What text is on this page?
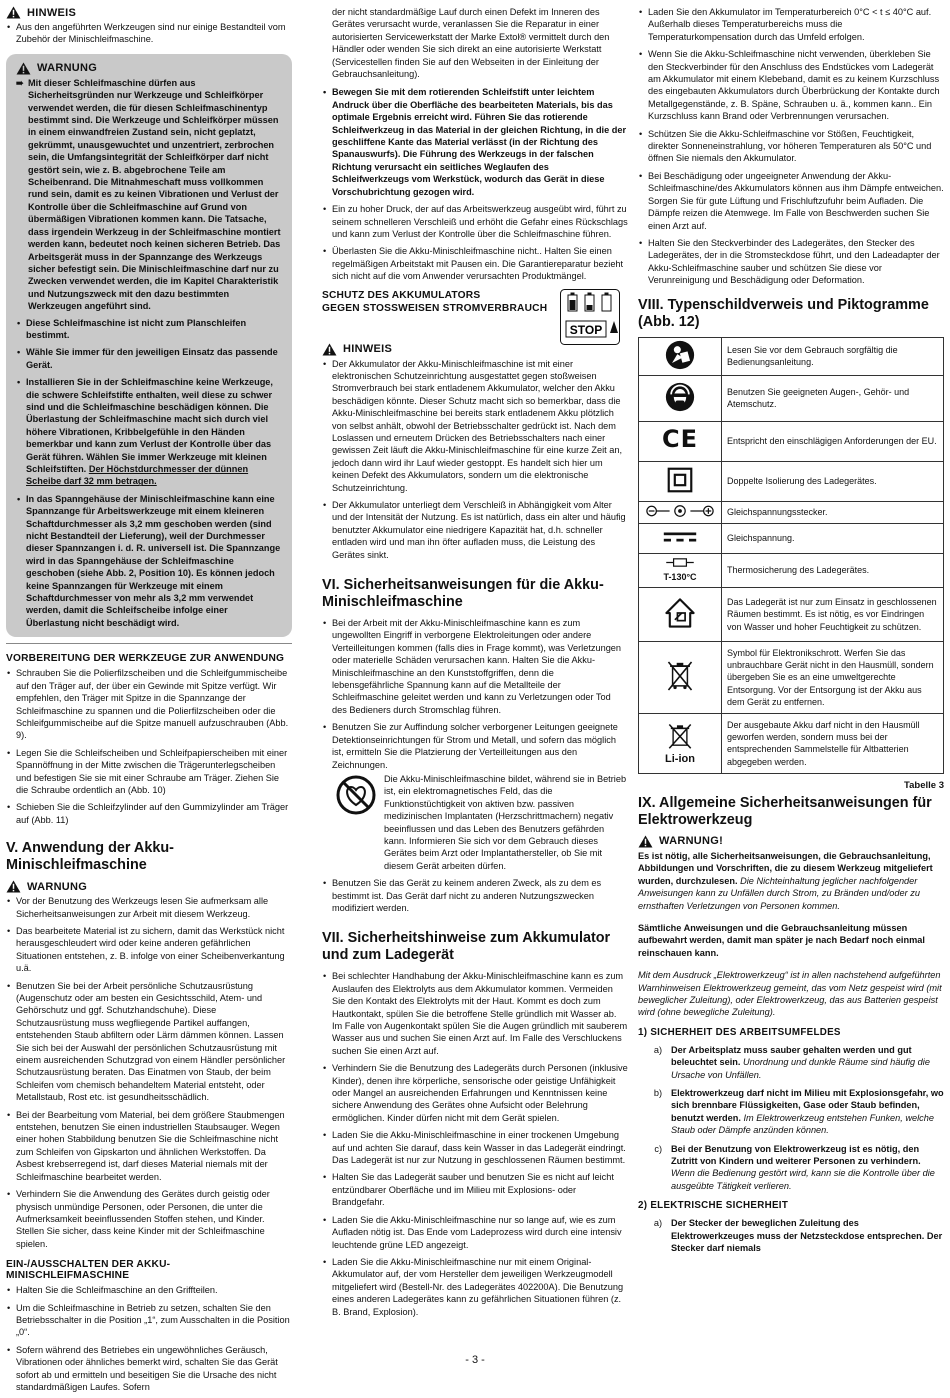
HINWEIS
• Aus den angeführten Werkzeugen sind nur einige Bestandteil vom Zubehör der Minischleifmaschine.
WARNUNG
➠ Mit dieser Schleifmaschine dürfen aus Sicherheitsgründen nur Werkzeuge und Schleifkörper verwendet werden, die für diesen Schleifmaschinentyp bestimmt sind. Die Werkzeuge und Schleifkörper müssen in einem einwandfreien Zustand sein, nicht geplatzt, gekrümmt, unausgewuchtet und unzentriert, zerbrochen sein, die Umfangsintegrität der Schleifkörper darf nicht gestört sein, wie z. B. abgebrochene Teile am Scheibenrand. Die Mitnahmeschaft muss vollkommen rund sein, damit es zu keinen Vibrationen und Verlust der Kontrolle über die Schleifmaschine auf Grund von übermäßigen Vibrationen kommen kann. Die Tatsache, dass irgendein Werkzeug in der Schleifmaschine montiert werden kann, bedeutet noch keinen sicheren Betrieb. Das Arbeitsgerät muss in der Spannzange des Werkzeugs sicher befestigt sein. Die Minischleifmaschine darf nur zu Zwecken verwendet werden, die im Kapitel Charakteristik und Nutzungszweck mit den dazu bestimmten Werkzeugen angeführt sind.
• Diese Schleifmaschine ist nicht zum Planschleifen bestimmt.
• Wähle Sie immer für den jeweiligen Einsatz das passende Gerät.
• Installieren Sie in der Schleifmaschine keine Werkzeuge, die schwere Schleifstifte enthalten, weil diese zu schwer sind und die Schleifmaschine beschädigen können. Die Überlastung der Schleifmaschine macht sich durch viel höhere Vibrationen, Kribbelgefühle in den Händen bemerkbar und kann zum Verlust der Kontrolle über das Gerät führen. Wählen Sie immer Werkzeuge mit kleinen Schleifstiften. Der Höchstdurchmesser der dünnen Scheibe darf 32 mm betragen.
• In das Spanngehäuse der Minischleifmaschine kann eine Spannzange für Arbeitswerkzeuge mit einem kleineren Schaftdurchmesser als 3,2 mm geschoben werden (sind nicht Bestandteil der Lieferung), weil der Durchmesser dieser Spannzangen i. d. R. universell ist. Die Spannzange wird in das Spanngehäuse der Schleifmaschine geschoben (siehe Abb. 2, Position 10). Es können jedoch keine Spannzangen für Werkzeuge mit einem Schaftdurchmesser von mehr als 3,2 mm verwendet werden, damit die Schleifscheibe infolge einer Überlastung nicht beschädigt wird.
VORBEREITUNG DER WERKZEUGE ZUR ANWENDUNG
• Schrauben Sie die Polierfilzscheiben und die Schleifgummischeibe auf den Träger auf, der über ein Gewinde mit Spitze verfügt. Wir empfehlen, den Träger mit Spitze in die Spannzange der Schleifmaschine zu spannen und die Polierfilzscheiben oder die Schleifgummischeibe auf die Spitze manuell aufzuschrauben (Abb. 9).
• Legen Sie die Schleifscheiben und Schleifpapierscheiben mit einer Spannöffnung in der Mitte zwischen die Trägerunterlegscheiben und befestigen Sie sie mit einer Schraube am Träger. Ziehen Sie die Schraube ordentlich an (Abb. 10)
• Schieben Sie die Schleifzylinder auf den Gummizylinder am Träger auf (Abb. 11)
V. Anwendung der Akku-Minischleifmaschine
WARNUNG
• Vor der Benutzung des Werkzeugs lesen Sie aufmerksam alle Sicherheitsanweisungen zur Arbeit mit diesem Werkzeug.
• Das bearbeitete Material ist zu sichern, damit das Werkstück nicht herausgeschleudert wird oder keine anderen gefährlichen Situationen entstehen, z. B. infolge von einer Scheibenverkantung u.ä.
• Benutzen Sie bei der Arbeit persönliche Schutzausrüstung (Augenschutz oder am besten ein Gesichtsschild, Atem- und Gehörschutz und ggf. Schutzhandschuhe). Diese Schutzausrüstung muss wegfliegende Partikel auffangen, entstehenden Staub abfiltern oder Lärm dämmen können. Lassen Sie sich bei der Auswahl der persönlichen Schutzausrüstung mit einem ausreichenden Schutzgrad von einem Händler persönlicher Schutzausrüstung beraten. Das Einatmen von Staub, der beim Schleifen vom chemisch behandeltem Material entsteht, oder Metallstaub, Rost etc. ist gesundheitsschädlich.
• Bei der Bearbeitung vom Material, bei dem größere Staubmengen entstehen, benutzen Sie einen industriellen Staubsauger. Wegen einer hohen Stabbildung benutzen Sie die Schleifmaschine nicht zum Schleifen von Gipskarton und ähnlichen Werkstoffen. Da Asbest krebserregend ist, darf dieses Material niemals mit der Schleifmaschine bearbeitet werden.
• Verhindern Sie die Anwendung des Gerätes durch geistig oder physisch unmündige Personen, oder Personen, die unter die Aufmerksamkeit beeinflussenden Stoffen stehen, und Kinder. Stellen Sie sicher, dass keine Kinder mit der Schleifmaschine spielen.
EIN-/AUSSCHALTEN DER AKKU-MINISCHLEIFMASCHINE
• Halten Sie die Schleifmaschine an den Griffteilen.
• Um die Schleifmaschine in Betrieb zu setzen, schalten Sie den Betriebsschalter in die Position „1“, zum Ausschalten in die Position „0“.
• Sofern während des Betriebes ein ungewöhnliches Geräusch, Vibrationen oder ähnliches bemerkt wird, schalten Sie das Gerät sofort ab und ermitteln und beseitigen Sie die Ursache des nicht standardmäßigen Laufes. Sofern

der nicht standardmäßige Lauf durch einen Defekt im Inneren des Gerätes verursacht wurde, veranlassen Sie die Reparatur in einer autorisierten Servicewerkstatt der Marke Extol® vermittelt durch den Händler oder wenden Sie sich direkt an eine autorisierte Werkstatt (Servicestellen finden Sie auf den Webseiten in der Einleitung der Gebrauchsanleitung).

• Bewegen Sie mit dem rotierenden Schleifstift unter leichtem Andruck über die Oberfläche des bearbeiteten Materials, bis das optimale Ergebnis erreicht wird. Führen Sie das rotierende Schleifwerkzeug in das Material in der gleichen Richtung, in die der geschliffene Kante das Material verlässt (in der Richtung des Spanauswurfs). Die Führung des Werkzeugs in der falschen Richtung verursacht ein seitliches Weglaufen des Schleifwerkzeugs vom Werkstück, wodurch das Gerät in diese Vorschubrichtung gezogen wird.
• Ein zu hoher Druck, der auf das Arbeitswerkzeug ausgeübt wird, führt zu seinem schnelleren Verschleiß und erhöht die Gefahr eines Rückschlags und kann zum Verlust der Kontrolle über die Schleifmaschine führen.
• Überlasten Sie die Akku-Minischleifmaschine nicht.. Halten Sie einen regelmäßigen Arbeitstakt mit Pausen ein. Die Garantiereparatur bezieht sich nicht auf die vom Anwender verursachten Produktmängel.
SCHUTZ DES AKKUMULATORS
GEGEN STOSSWEISEN STROMVERBRAUCH
STOP
HINWEIS
• Der Akkumulator der Akku-Minischleifmaschine ist mit einer elektronischen Schutzeinrichtung ausgestattet gegen stoßweisen Stromverbrauch bei stark entladenem Akkumulator, welcher den Akku beschädigen könnte. Dieser Schutz macht sich so bemerkbar, dass die Akku-Minischleifmaschine bei bereits stark entladenem Akku plötzlich von selbst anhält, obwohl der Betriebsschalter gedrückt ist. Nach dem Loslassen und erneutem Drücken des Betriebsschalters nach einer gewissen Zeit läuft die Akku-Minischleifmaschine für eine kurze Zeit an, jedoch dann wird ihr Lauf wieder gestoppt. Es handelt sich hier um keinen Defekt des Akkumulators, sondern um die elektronische Schutzeinrichtung.
• Der Akkumulator unterliegt dem Verschleiß in Abhängigkeit vom Alter und der Intensität der Nutzung. Es ist natürlich, dass ein alter und häufig benutzter Akkumulator eine niedrigere Kapazität hat, d.h. schneller entladen wird und man ihn öfter aufladen muss, die Leistung des Gerätes sinkt.
VI. Sicherheitsanweisungen für die Akku-Minischleifmaschine
• Bei der Arbeit mit der Akku-Minischleifmaschine kann es zum ungewollten Eingriff in verborgene Elektroleitungen oder andere Verteilleitungen kommen (falls dies in Frage kommt), was Verletzungen oder materielle Schäden verursachen kann. Halten Sie die Akku-Minischleifmaschine an den Kunststoffgriffen, denn die lebensgefährliche Spannung kann auf die Metallteile der Schleifmaschine geleitet werden und kann zu Verletzungen oder Tod des Bedieners durch Stromschlag führen.
• Benutzen Sie zur Auffindung solcher verborgener Leitungen geeignete Detektionseinrichtungen für Strom und Metall, und sofern das möglich ist, ermitteln Sie die Platzierung der Verteilleitungen aus den Zeichnungen.
Die Akku-Minischleifmaschine bildet, während sie in Betrieb ist, ein elektromagnetisches Feld, das die Funktionstüchtigkeit von aktiven bzw. passiven medizinischen Implantaten (Herzschrittmachern) negativ beeinflussen und das Leben des Benutzers gefährden kann. Informieren Sie sich vor dem Gebrauch dieses Gerätes beim Arzt oder Implantathersteller, ob Sie mit diesem Gerät arbeiten dürfen.
• Benutzen Sie das Gerät zu keinem anderen Zweck, als zu dem es bestimmt ist. Das Gerät darf nicht zu anderen Nutzungszwecken modifiziert werden.
VII. Sicherheitshinweise zum Akkumulator und zum Ladegerät
• Bei schlechter Handhabung der Akku-Minischleifmaschine kann es zum Auslaufen des Elektrolyts aus dem Akkumulator kommen. Vermeiden Sie den Kontakt des Elektrolyts mit der Haut. Kommt es doch zum Hautkontakt, spülen Sie die betroffene Stelle gründlich mit Wasser ab. Im Falle von Augenkontakt spülen Sie die Augen gründlich mit sauberem Wasser aus und suchen Sie einen Arzt auf. Im Falle des Verschluckens suchen Sie einen Arzt auf.
• Verhindern Sie die Benutzung des Ladegeräts durch Personen (inklusive Kinder), denen ihre körperliche, sensorische oder geistige Unfähigkeit oder Mangel an ausreichenden Erfahrungen und Kenntnissen keine sichere Anwendung des Gerätes ohne Aufsicht oder Belehrung ermöglichen. Kinder dürfen nicht mit dem Gerät spielen.
• Laden Sie die Akku-Minischleifmaschine in einer trockenen Umgebung auf und achten Sie darauf, dass kein Wasser in das Ladegerät eindringt. Das Ladegerät ist nur zur Nutzung in geschlossenen Räumen bestimmt.
• Halten Sie das Ladegerät sauber und benutzen Sie es nicht auf leicht entzündbarer Oberfläche und im Milieu mit Explosions- oder Brandgefahr.
• Laden Sie die Akku-Minischleifmaschine nur so lange auf, wie es zum Aufladen nötig ist. Das Ende vom Ladeprozess wird durch eine intensiv leuchtende grüne LED angezeigt.
• Laden Sie die Akku-Minischleifmaschine nur mit einem Original-Akkumulator auf, der vom Hersteller dem jeweiligen Werkzeugmodell mitgeliefert wird (Bestell-Nr. des Ladegerätes 402200A). Die Benutzung eines anderen Ladegerätes kann zu gefährlichen Situationen führen (z. B. Brand, Explosion).
• Laden Sie den Akkumulator im Temperaturbereich 0°C < t ≤ 40°C auf. Außerhalb dieses Temperaturbereichs muss die Temperaturkompensation durch das Umfeld erfolgen.
• Wenn Sie die Akku-Schleifmaschine nicht verwenden, überkleben Sie den Steckverbinder für den Anschluss des Endstückes vom Ladegerät am Akkumulator mit einem Klebeband, damit es zu keinem Kurzschluss des eingebauten Akkumulators durch Überbrückung der Kontakte durch Metallgegenstände, z. B. Späne, Schrauben u. ä., kommen kann.. Ein Kurzschluss kann Brand oder Verbrennungen verursachen.
• Schützen Sie die Akku-Schleifmaschine vor Stößen, Feuchtigkeit, direkter Sonneneinstrahlung, vor höheren Temperaturen als 50°C und öffnen Sie niemals den Akkumulator.
• Bei Beschädigung oder ungeeigneter Anwendung der Akku-Schleifmaschine/des Akkumulators können aus ihm Dämpfe entweichen. Sorgen Sie für gute Lüftung und Frischluftzufuhr beim Aufladen. Die Dämpfe reizen die Atemwege. Im Falle von Beschwerden suchen Sie einen Arzt auf.
• Halten Sie den Steckverbinder des Ladegerätes, den Stecker des Ladegerätes, der in die Stromsteckdose führt, und den Ladeadapter der Akku-Schleifmaschine sauber und schützen Sie diese vor Verunreinigung und Beschädigung oder Deformation.
VIII. Typenschildverweis und Piktogramme (Abb. 12)
	Lesen Sie vor dem Gebrauch sorgfältig die Bedienungsanleitung.
	Benutzen Sie geeigneten Augen-, Gehör- und Atemschutz.
CE	Entspricht den einschlägigen Anforderungen der EU.
	Doppelte Isolierung des Ladegerätes.
	Gleichspannungsstecker.
	Gleichspannung.

T-130°C	Thermosicherung des Ladegerätes.
	Das Ladegerät ist nur zum Einsatz in geschlossenen Räumen bestimmt. Es ist nötig, es vor Eindringen von Wasser und hoher Feuchtigkeit zu schützen.
	Symbol für Elektronikschrott. Werfen Sie das unbrauchbare Gerät nicht in den Hausmüll, sondern übergeben Sie es an eine umweltgerechte Entsorgung. Vor der Entsorgung ist der Akku aus dem Gerät zu entfernen.

Li-ion	Der ausgebaute Akku darf nicht in den Hausmüll geworfen werden, sondern muss bei der entsprechenden Sammelstelle für Altbatterien abgegeben werden.
Tabelle 3
IX. Allgemeine Sicherheitsanweisungen für Elektrowerkzeug
WARNUNG!

Es ist nötig, alle Sicherheitsanweisungen, die Gebrauchsanleitung, Abbildungen und Vorschriften, die zu diesem Werkzeug mitgeliefert wurden, durchzulesen. Die Nichteinhaltung jeglicher nachfolgender Anweisungen kann zu Unfällen durch Strom, zu Bränden und/oder zu ernsthaften Verletzungen von Personen kommen.

Sämtliche Anweisungen und die Gebrauchsanleitung müssen aufbewahrt werden, damit man später je nach Bedarf noch einmal reinschauen kann.

Mit dem Ausdruck „Elektrowerkzeug“ ist in allen nachstehend aufgeführten Warnhinweisen Elektrowerkzeug gemeint, das vom Netz gespeist wird (mit beweglicher Zuleitung), oder Elektrowerkzeug, das aus Batterien gespeist wird (ohne bewegliche Zuleitung).

1) SICHERHEIT DES ARBEITSUMFELDES
a) Der Arbeitsplatz muss sauber gehalten werden und gut beleuchtet sein. Unordnung und dunkle Räume sind häufig die Ursache von Unfällen.
b) Elektrowerkzeug darf nicht im Milieu mit Explosionsgefahr, wo sich brennbare Flüssigkeiten, Gase oder Staub befinden, benutzt werden. Im Elektrowerkzeug entstehen Funken, welche Staub oder Dämpfe anzünden können.
c) Bei der Benutzung von Elektrowerkzeug ist es nötig, den Zutritt von Kindern und weiterer Personen zu verhindern. Wenn die Bedienung gestört wird, kann sie die Kontrolle über die ausgeübte Tätigkeit verlieren.
2) ELEKTRISCHE SICHERHEIT
a) Der Stecker der beweglichen Zuleitung des Elektrowerkzeuges muss der Netzsteckdose entsprechen. Der Stecker darf niemals
- 3 -
